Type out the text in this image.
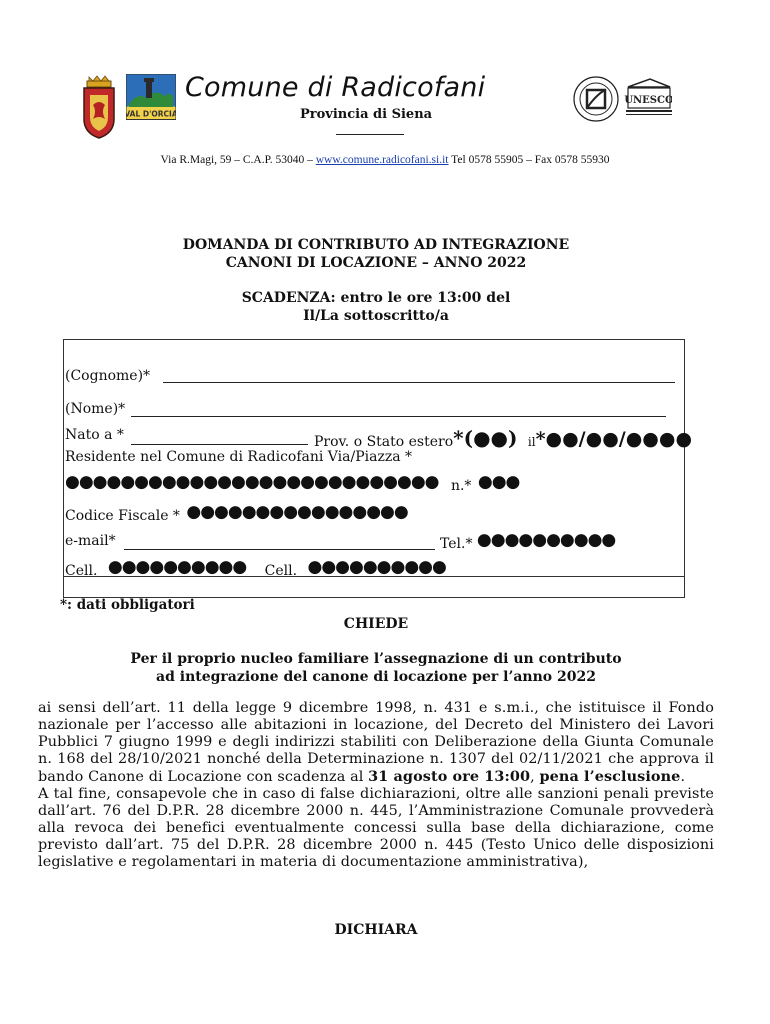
VAL D'ORCIA
UNESCO
Comune di Radicofani
Provincia di Siena
Via R.Magi, 59 – C.A.P. 53040 – www.comune.radicofani.si.it Tel 0578 55905 – Fax 0578 55930
DOMANDA DI CONTRIBUTO AD INTEGRAZIONE
CANONI DI LOCAZIONE – ANNO 2022
SCADENZA: entro le ore 13:00 del
Il/La sottoscritto/a
(Cognome)*
(Nome)*
Nato a *	Prov. o Stato estero*(●●) il*●●/●●/●●●●
Residente nel Comune di Radicofani Via/Piazza *
●●●●●●●●●●●●●●●●●●●●●●●●●●● n.* ●●●
Codice Fiscale * ●●●●●●●●●●●●●●●●
e-mail*	Tel.* ●●●●●●●●●●
Cell. ●●●●●●●●●● Cell. ●●●●●●●●●●
*: dati obbligatori
CHIEDE
Per il proprio nucleo familiare l’assegnazione di un contributo
ad integrazione del canone di locazione per l’anno 2022

ai sensi dell’art. 11 della legge 9 dicembre 1998, n. 431 e s.m.i., che istituisce il Fondo nazionale per l’accesso alle abitazioni in locazione, del Decreto del Ministero dei Lavori Pubblici 7 giugno 1999 e degli indirizzi stabiliti con Deliberazione della Giunta Comunale n. 168 del 28/10/2021 nonché della Determinazione n. 1307 del 02/11/2021 che approva il bando Canone di Locazione con scadenza al 31 agosto ore 13:00, pena l’esclusione.

A tal fine, consapevole che in caso di false dichiarazioni, oltre alle sanzioni penali previste dall’art. 76 del D.P.R. 28 dicembre 2000 n. 445, l’Amministrazione Comunale provvederà alla revoca dei benefici eventualmente concessi sulla base della dichiarazione, come previsto dall’art. 75 del D.P.R. 28 dicembre 2000 n. 445 (Testo Unico delle disposizioni legislative e regolamentari in materia di documentazione amministrativa),

DICHIARA
